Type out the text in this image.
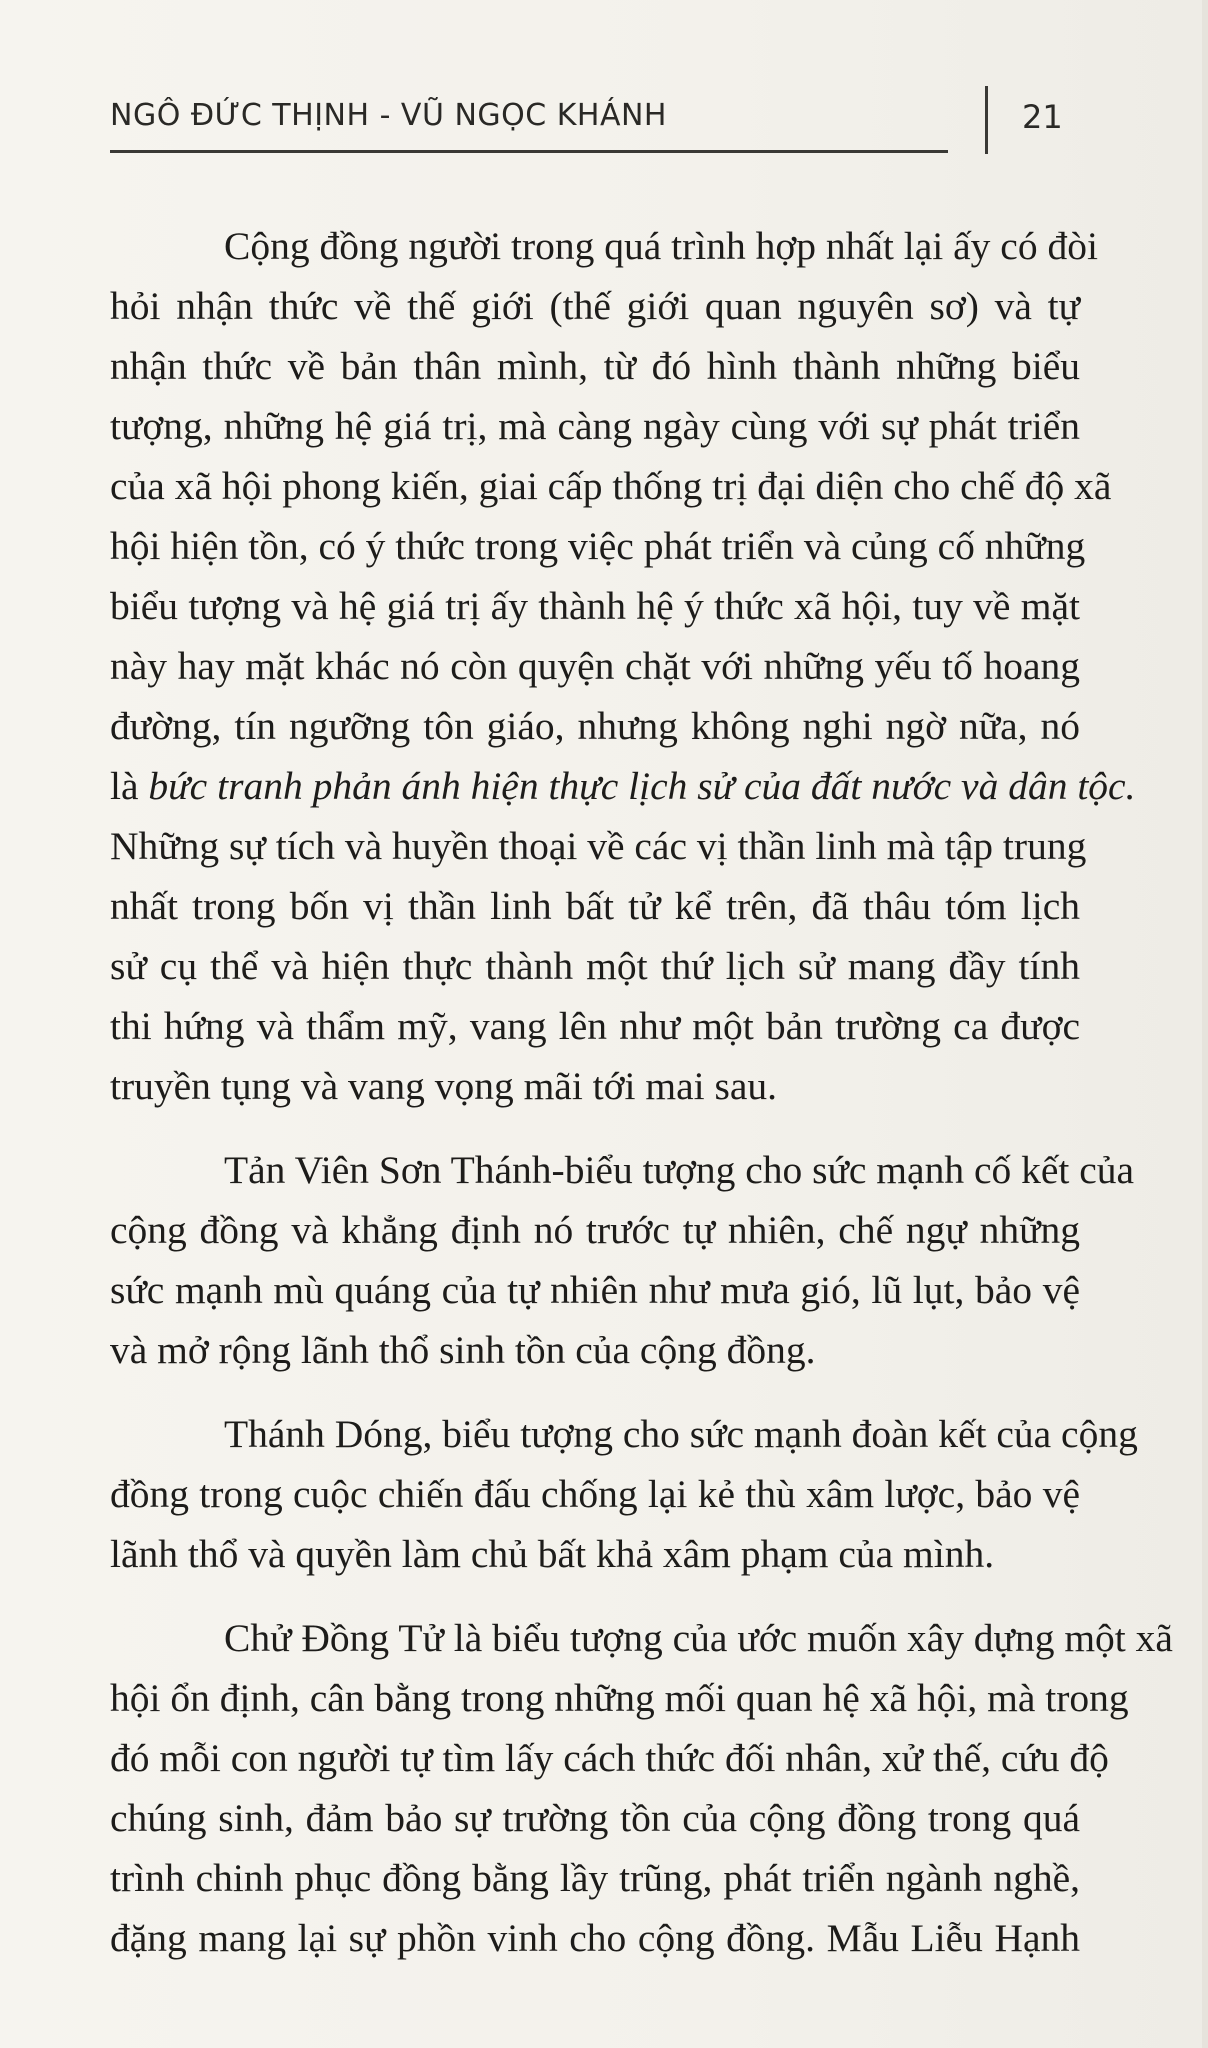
NGÔ ĐỨC THỊNH - VŨ NGỌC KHÁNH	21
Cộng đồng người trong quá trình hợp nhất lại ấy có đòi
hỏi nhận thức về thế giới (thế giới quan nguyên sơ) và tự
nhận thức về bản thân mình, từ đó hình thành những biểu
tượng, những hệ giá trị, mà càng ngày cùng với sự phát triển
của xã hội phong kiến, giai cấp thống trị đại diện cho chế độ xã
hội hiện tồn, có ý thức trong việc phát triển và củng cố những
biểu tượng và hệ giá trị ấy thành hệ ý thức xã hội, tuy về mặt
này hay mặt khác nó còn quyện chặt với những yếu tố hoang
đường, tín ngưỡng tôn giáo, nhưng không nghi ngờ nữa, nó
là bức tranh phản ánh hiện thực lịch sử của đất nước và dân tộc.
Những sự tích và huyền thoại về các vị thần linh mà tập trung
nhất trong bốn vị thần linh bất tử kể trên, đã thâu tóm lịch
sử cụ thể và hiện thực thành một thứ lịch sử mang đầy tính
thi hứng và thẩm mỹ, vang lên như một bản trường ca được
truyền tụng và vang vọng mãi tới mai sau.
Tản Viên Sơn Thánh-biểu tượng cho sức mạnh cố kết của
cộng đồng và khẳng định nó trước tự nhiên, chế ngự những
sức mạnh mù quáng của tự nhiên như mưa gió, lũ lụt, bảo vệ
và mở rộng lãnh thổ sinh tồn của cộng đồng.
Thánh Dóng, biểu tượng cho sức mạnh đoàn kết của cộng
đồng trong cuộc chiến đấu chống lại kẻ thù xâm lược, bảo vệ
lãnh thổ và quyền làm chủ bất khả xâm phạm của mình.
Chử Đồng Tử là biểu tượng của ước muốn xây dựng một xã
hội ổn định, cân bằng trong những mối quan hệ xã hội, mà trong
đó mỗi con người tự tìm lấy cách thức đối nhân, xử thế, cứu độ
chúng sinh, đảm bảo sự trường tồn của cộng đồng trong quá
trình chinh phục đồng bằng lầy trũng, phát triển ngành nghề,
đặng mang lại sự phồn vinh cho cộng đồng. Mẫu Liễu Hạnh
